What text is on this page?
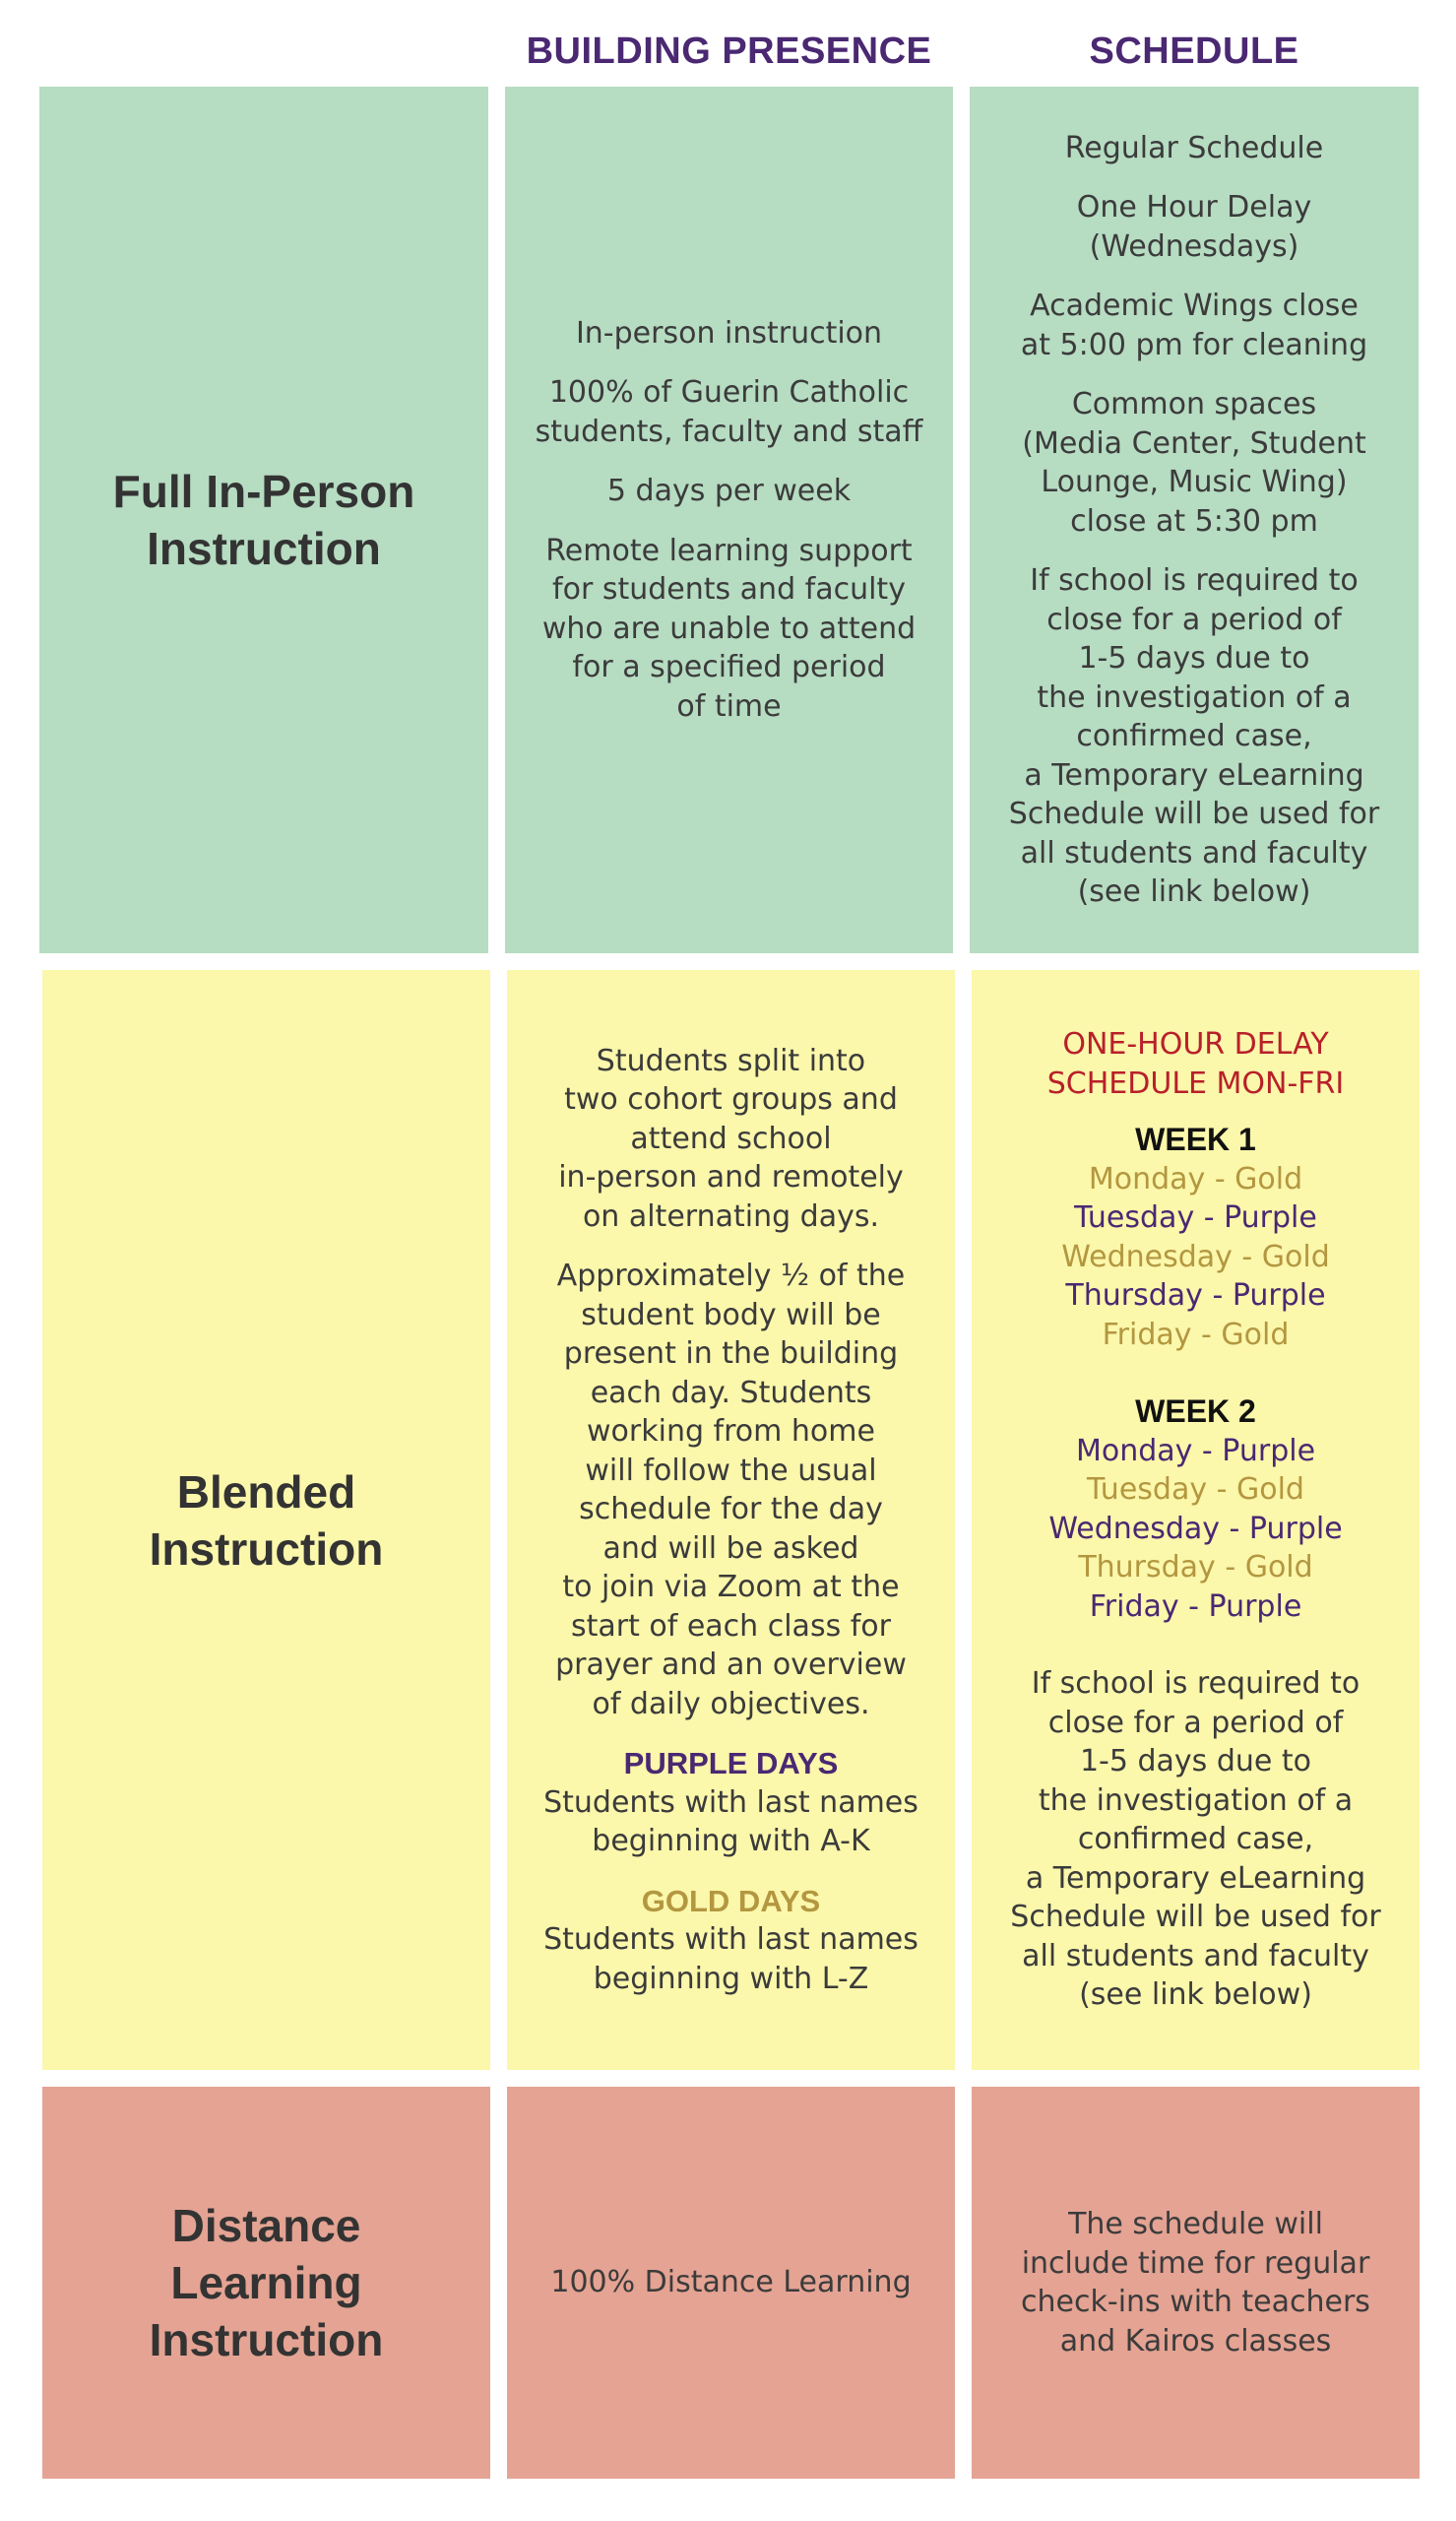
BUILDING PRESENCE	SCHEDULE
Full In-Person
Instruction
In-person instruction
100% of Guerin Catholic
students, faculty and staff
5 days per week
Remote learning support
for students and faculty
who are unable to attend
for a specified period
of time
Regular Schedule
One Hour Delay
(Wednesdays)
Academic Wings close
at 5:00 pm for cleaning
Common spaces
(Media Center, Student
Lounge, Music Wing)
close at 5:30 pm
If school is required to
close for a period of
1-5 days due to
the investigation of a
confirmed case,
a Temporary eLearning
Schedule will be used for
all students and faculty
(see link below)
Blended
Instruction
Students split into
two cohort groups and
attend school
in-person and remotely
on alternating days.
Approximately ½ of the
student body will be
present in the building
each day. Students
working from home
will follow the usual
schedule for the day
and will be asked
to join via Zoom at the
start of each class for
prayer and an overview
of daily objectives.
PURPLE DAYS
Students with last names
beginning with A-K
GOLD DAYS
Students with last names
beginning with L-Z
ONE-HOUR DELAY
SCHEDULE MON-FRI
WEEK 1
Monday - Gold
Tuesday - Purple
Wednesday - Gold
Thursday - Purple
Friday - Gold
WEEK 2
Monday - Purple
Tuesday - Gold
Wednesday - Purple
Thursday - Gold
Friday - Purple
If school is required to
close for a period of
1-5 days due to
the investigation of a
confirmed case,
a Temporary eLearning
Schedule will be used for
all students and faculty
(see link below)
Distance
Learning
Instruction
100% Distance Learning
The schedule will
include time for regular
check-ins with teachers
and Kairos classes
